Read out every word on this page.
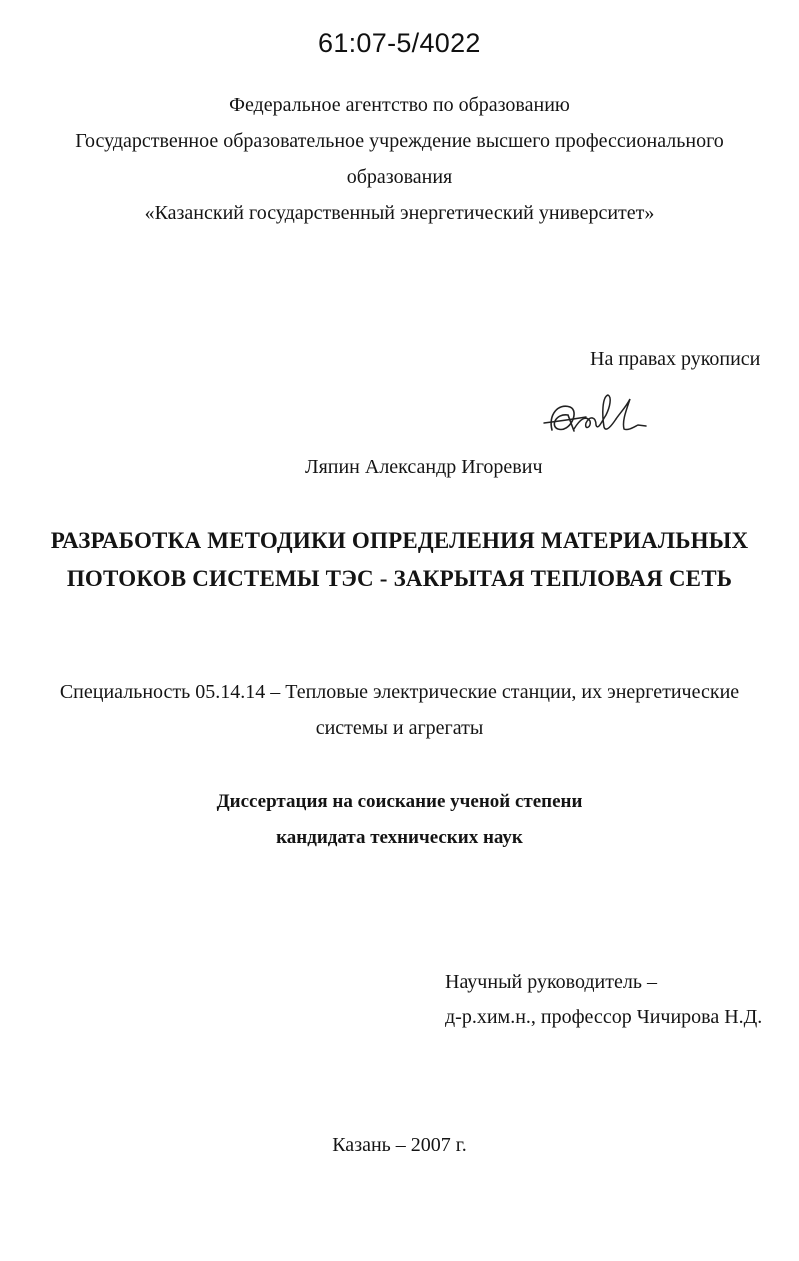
61:07-5/4022
Федеральное агентство по образованию
Государственное образовательное учреждение высшего профессионального
образования
«Казанский государственный энергетический университет»
На правах рукописи
Ляпин Александр Игоревич
РАЗРАБОТКА МЕТОДИКИ ОПРЕДЕЛЕНИЯ МАТЕРИАЛЬНЫХ
ПОТОКОВ СИСТЕМЫ ТЭС - ЗАКРЫТАЯ ТЕПЛОВАЯ СЕТЬ
Специальность 05.14.14 – Тепловые электрические станции, их энергетические
системы и агрегаты
Диссертация на соискание ученой степени
кандидата технических наук
Научный руководитель –
д-р.хим.н., профессор Чичирова Н.Д.
Казань – 2007 г.
